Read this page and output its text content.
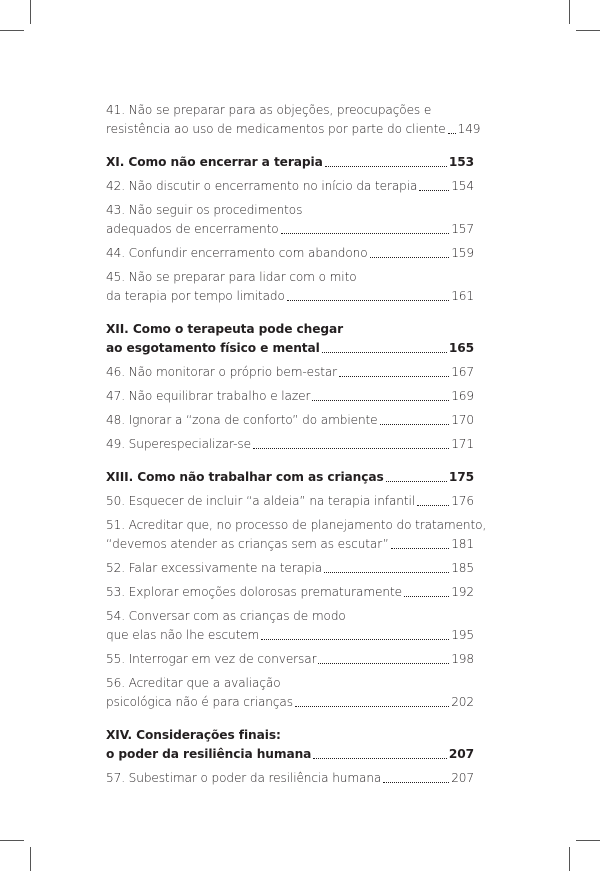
41. Não se preparar para as objeções, preocupações e
resistência ao uso de medicamentos por parte do cliente 149
XI. Como não encerrar a terapia	153
42. Não discutir o encerramento no início da terapia	154
43. Não seguir os procedimentos
adequados de encerramento	157
44. Confundir encerramento com abandono	159
45. Não se preparar para lidar com o mito
da terapia por tempo limitado	161
XII. Como o terapeuta pode chegar
ao esgotamento físico e mental	165
46. Não monitorar o próprio bem-estar	167
47. Não equilibrar trabalho e lazer	169
48. Ignorar a “zona de conforto” do ambiente	170
49. Superespecializar-se	171
XIII. Como não trabalhar com as crianças	175
50. Esquecer de incluir “a aldeia” na terapia infantil	176
51. Acreditar que, no processo de planejamento do tratamento,
“devemos atender as crianças sem as escutar”	181
52. Falar excessivamente na terapia	185
53. Explorar emoções dolorosas prematuramente	192
54. Conversar com as crianças de modo
que elas não lhe escutem	195
55. Interrogar em vez de conversar	198
56. Acreditar que a avaliação
psicológica não é para crianças	202
XIV. Considerações finais:
o poder da resiliência humana	207
57. Subestimar o poder da resiliência humana	207
